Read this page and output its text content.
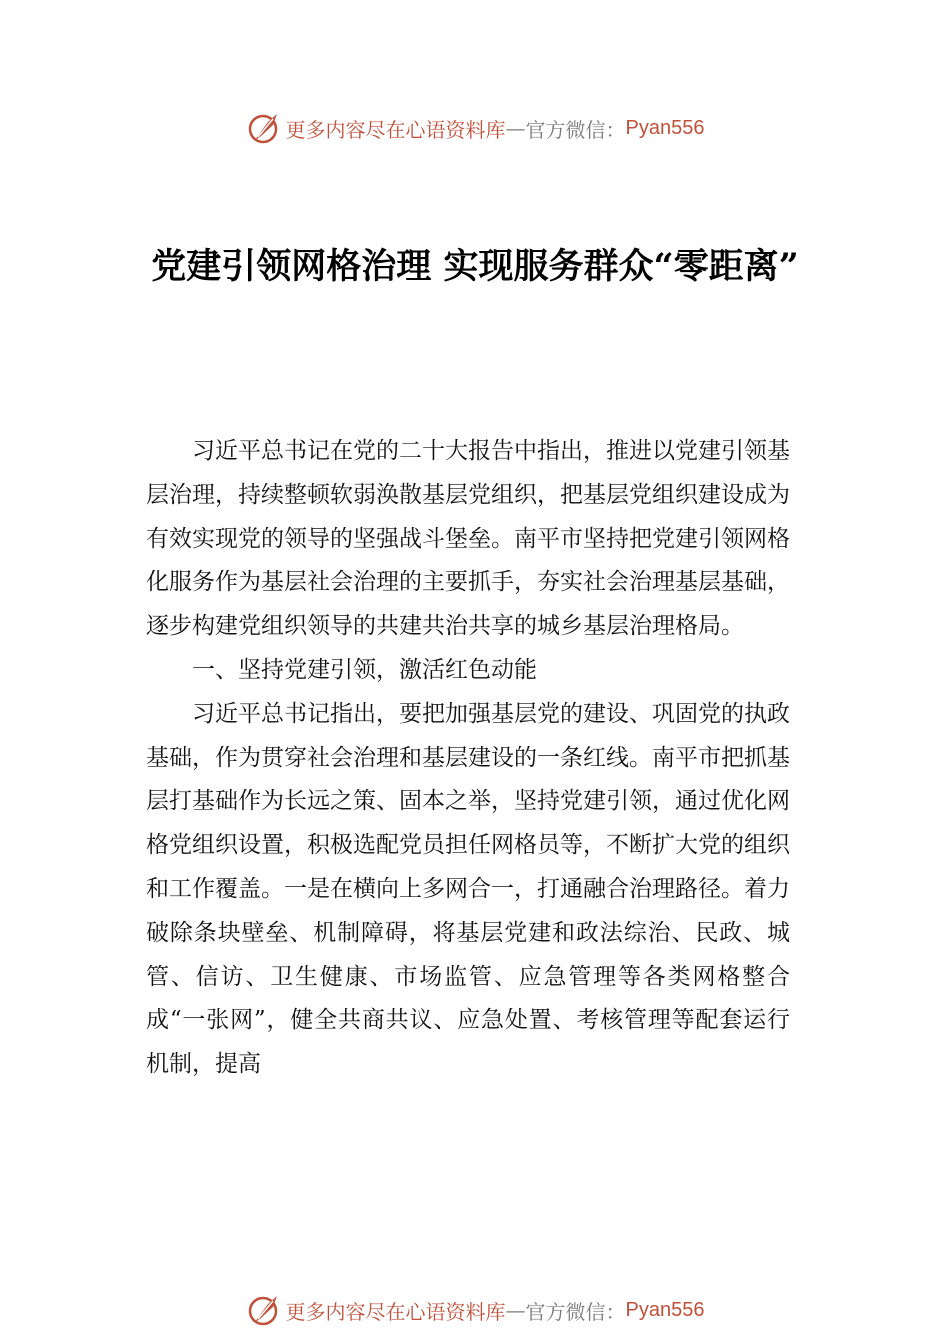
更多内容尽在心语资料库 — 官方微信： Pyan556
党建引领网格治理 实现服务群众“零距离”

习近平总书记在党的二十大报告中指出，推进以党建引领基层治理，持续整顿软弱涣散基层党组织，把基层党组织建设成为有效实现党的领导的坚强战斗堡垒。南平市坚持把党建引领网格化服务作为基层社会治理的主要抓手，夯实社会治理基层基础，逐步构建党组织领导的共建共治共享的城乡基层治理格局。

一、坚持党建引领，激活红色动能

习近平总书记指出，要把加强基层党的建设、巩固党的执政基础，作为贯穿社会治理和基层建设的一条红线。南平市把抓基层打基础作为长远之策、固本之举，坚持党建引领，通过优化网格党组织设置，积极选配党员担任网格员等，不断扩大党的组织和工作覆盖。一是在横向上多网合一，打通融合治理路径。着力破除条块壁垒、机制障碍，将基层党建和政法综治、民政、城管、信访、卫生健康、市场监管、应急管理等各类网格整合成“一张网”，健全共商共议、应急处置、考核管理等配套运行机制，提高

更多内容尽在心语资料库 — 官方微信： Pyan556
